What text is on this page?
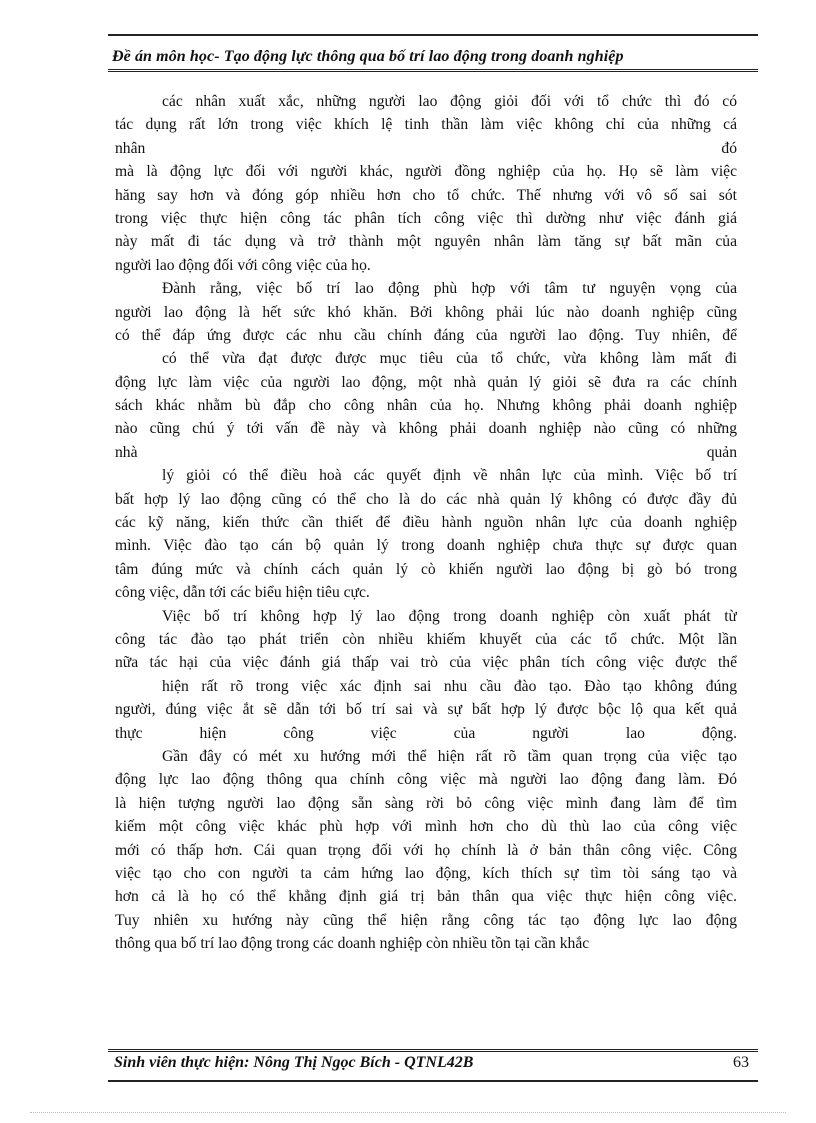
Đề án môn học- Tạo động lực thông qua bố trí lao động trong doanh nghiệp
các nhân xuất xắc, những người lao động giỏi đối với tổ chức thì đó có
tác dụng rất lớn trong việc khích lệ tinh thần làm việc không chỉ của những cá
nhân	đó
mà là động lực đối với người khác, người đồng nghiệp của họ. Họ sẽ làm việc
hăng say hơn và đóng góp nhiều hơn cho tổ chức. Thế nhưng với vô số sai sót
trong việc thực hiện công tác phân tích công việc thì dường như việc đánh giá
này mất đi tác dụng và trở thành một nguyên nhân làm tăng sự bất mãn của
người lao động đối với công việc của họ.
Đành rằng, việc bố trí lao động phù hợp với tâm tư nguyện vọng của
người lao động là hết sức khó khăn. Bởi không phải lúc nào doanh nghiệp cũng
có thể đáp ứng được các nhu cầu chính đáng của người lao động. Tuy nhiên, để
có thể vừa đạt được được mục tiêu của tổ chức, vừa không làm mất đi
động lực làm việc của người lao động, một nhà quản lý giỏi sẽ đưa ra các chính
sách khác nhằm bù đắp cho công nhân của họ. Nhưng không phải doanh nghiệp
nào cũng chú ý tới vấn đề này và không phải doanh nghiệp nào cũng có những
nhà	quản
lý giỏi có thể điều hoà các quyết định về nhân lực của mình. Việc bố trí
bất hợp lý lao động cũng có thể cho là do các nhà quản lý không có được đầy đủ
các kỹ năng, kiến thức cần thiết để điều hành nguồn nhân lực của doanh nghiệp
mình. Việc đào tạo cán bộ quản lý trong doanh nghiệp chưa thực sự được quan
tâm đúng mức và chính cách quản lý cò khiến người lao động bị gò bó trong
công việc, dẫn tới các biểu hiện tiêu cực.
Việc bố trí không hợp lý lao động trong doanh nghiệp còn xuất phát từ
công tác đào tạo phát triển còn nhiều khiếm khuyết của các tổ chức. Một lần
nữa tác hại của việc đánh giá thấp vai trò của việc phân tích công việc được thể
hiện rất rõ trong việc xác định sai nhu cầu đào tạo. Đào tạo không đúng
người, đúng việc ắt sẽ dẫn tới bố trí sai và sự bất hợp lý được bộc lộ qua kết quả
thực hiện công việc của người lao động.
Gần đây có mét xu hướng mới thể hiện rất rõ tầm quan trọng của việc tạo
động lực lao động thông qua chính công việc mà người lao động đang làm. Đó
là hiện tượng người lao động sẵn sàng rời bỏ công việc mình đang làm để tìm
kiếm một công việc khác phù hợp với mình hơn cho dù thù lao của công việc
mới có thấp hơn. Cái quan trọng đối với họ chính là ở bản thân công việc. Công
việc tạo cho con người ta cảm hứng lao động, kích thích sự tìm tòi sáng tạo và
hơn cả là họ có thể khẳng định giá trị bản thân qua việc thực hiện công việc.
Tuy nhiên xu hướng này cũng thể hiện rằng công tác tạo động lực lao động
thông qua bố trí lao động trong các doanh nghiệp còn nhiều tồn tại cần khắc
Sinh viên thực hiện: Nông Thị Ngọc Bích - QTNL42B	63
